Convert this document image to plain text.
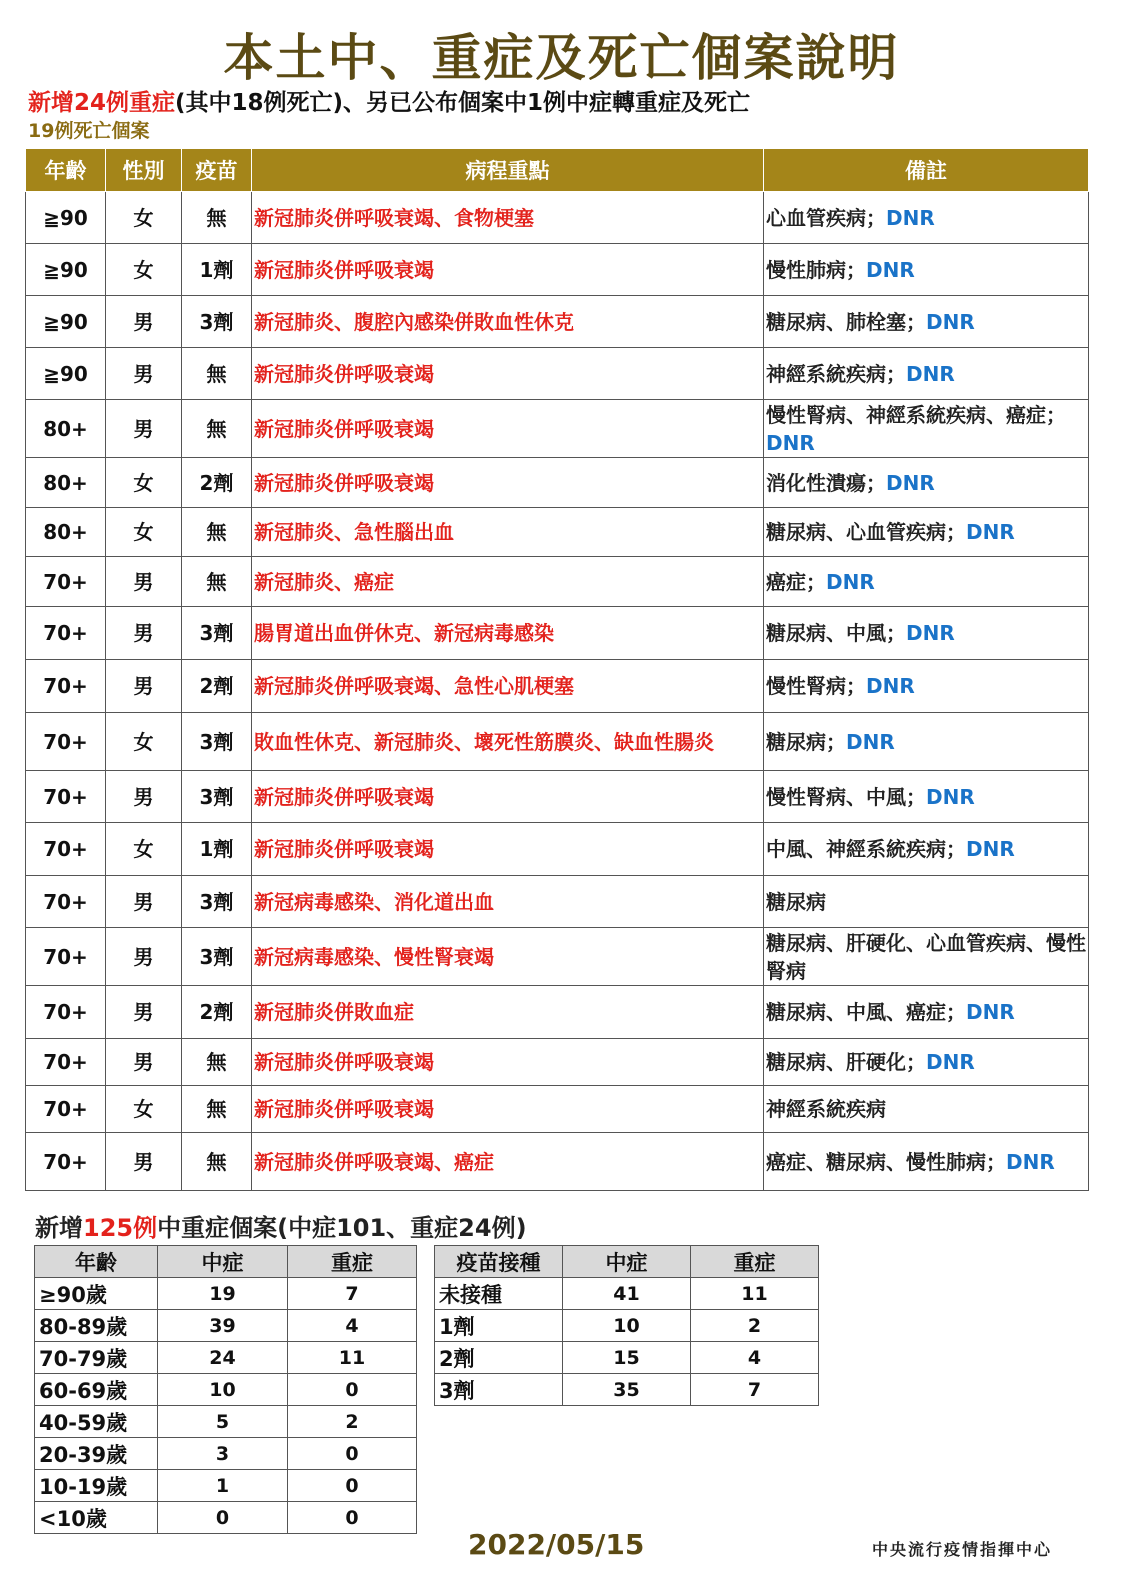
本土中、重症及死亡個案說明
新增24例重症(其中18例死亡)、另已公布個案中1例中症轉重症及死亡
19例死亡個案
年齡	性別	疫苗	病程重點	備註
≧90	女	無	新冠肺炎併呼吸衰竭、食物梗塞	心血管疾病；DNR
≧90	女	1劑	新冠肺炎併呼吸衰竭	慢性肺病；DNR
≧90	男	3劑	新冠肺炎、腹腔內感染併敗血性休克	糖尿病、肺栓塞；DNR
≧90	男	無	新冠肺炎併呼吸衰竭	神經系統疾病；DNR
80+	男	無	新冠肺炎併呼吸衰竭	慢性腎病、神經系統疾病、癌症；DNR
80+	女	2劑	新冠肺炎併呼吸衰竭	消化性潰瘍；DNR
80+	女	無	新冠肺炎、急性腦出血	糖尿病、心血管疾病；DNR
70+	男	無	新冠肺炎、癌症	癌症；DNR
70+	男	3劑	腸胃道出血併休克、新冠病毒感染	糖尿病、中風；DNR
70+	男	2劑	新冠肺炎併呼吸衰竭、急性心肌梗塞	慢性腎病；DNR
70+	女	3劑	敗血性休克、新冠肺炎、壞死性筋膜炎、缺血性腸炎	糖尿病；DNR
70+	男	3劑	新冠肺炎併呼吸衰竭	慢性腎病、中風；DNR
70+	女	1劑	新冠肺炎併呼吸衰竭	中風、神經系統疾病；DNR
70+	男	3劑	新冠病毒感染、消化道出血	糖尿病
70+	男	3劑	新冠病毒感染、慢性腎衰竭	糖尿病、肝硬化、心血管疾病、慢性腎病
70+	男	2劑	新冠肺炎併敗血症	糖尿病、中風、癌症；DNR
70+	男	無	新冠肺炎併呼吸衰竭	糖尿病、肝硬化；DNR
70+	女	無	新冠肺炎併呼吸衰竭	神經系統疾病
70+	男	無	新冠肺炎併呼吸衰竭、癌症	癌症、糖尿病、慢性肺病；DNR
新增125例中重症個案(中症101、重症24例)
年齡	中症	重症
≥90歲	19	7
80-89歲	39	4
70-79歲	24	11
60-69歲	10	0
40-59歲	5	2
20-39歲	3	0
10-19歲	1	0
<10歲	0	0
疫苗接種	中症	重症
未接種	41	11
1劑	10	2
2劑	15	4
3劑	35	7
2022/05/15	中央流行疫情指揮中心
